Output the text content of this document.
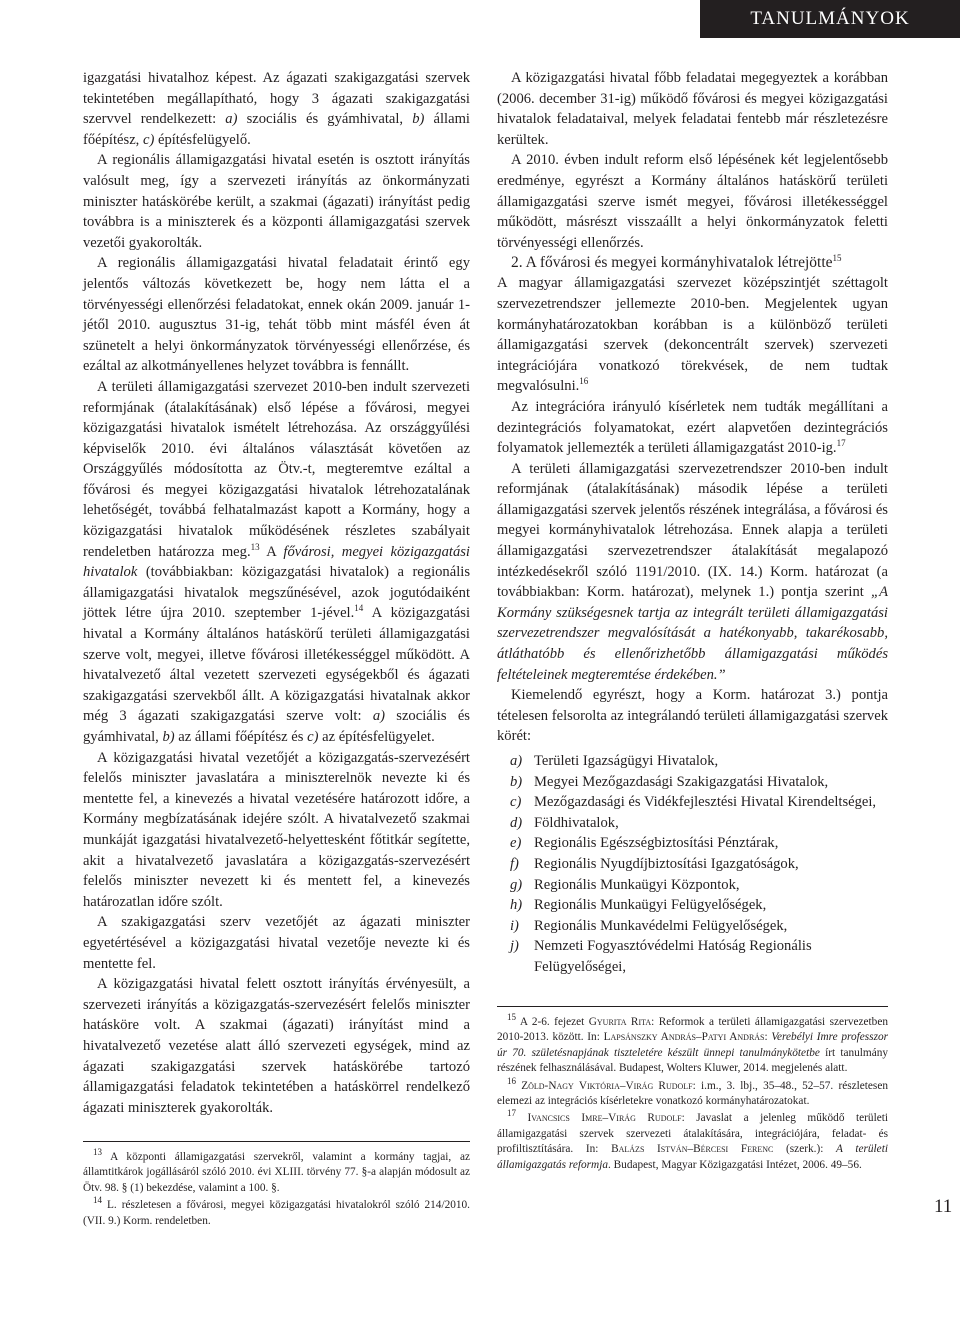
TANULMÁNYOK

igazgatási hivatalhoz képest. Az ágazati szakigazgatási szervek tekintetében megállapítható, hogy 3 ágazati szakigazgatási szervvel rendelkezett: a) szociális és gyámhivatal, b) állami főépítész, c) építésfelügyelő.

A regionális államigazgatási hivatal esetén is osztott irányítás valósult meg, így a szervezeti irányítás az önkormányzati miniszter hatáskörébe került, a szakmai (ágazati) irányítást pedig továbbra is a miniszterek és a központi államigazgatási szervek vezetői gyakorolták.

A regionális államigazgatási hivatal feladatait érintő egy jelentős változás következett be, hogy nem látta el a törvényességi ellenőrzési feladatokat, ennek okán 2009. január 1-jétől 2010. augusztus 31-ig, tehát több mint másfél éven át szünetelt a helyi önkormányzatok törvényességi ellenőrzése, és ezáltal az alkotmányellenes helyzet továbbra is fennállt.

A területi államigazgatási szervezet 2010-ben indult szervezeti reformjának (átalakításának) első lépése a fővárosi, megyei közigazgatási hivatalok ismételt létrehozása. Az országgyűlési képviselők 2010. évi általános választását követően az Országgyűlés módosította az Ötv.-t, megteremtve ezáltal a fővárosi és megyei közigazgatási hivatalok létrehozatalának lehetőségét, továbbá felhatalmazást kapott a Kormány, hogy a közigazgatási hivatalok működésének részletes szabályait rendeletben határozza meg.$^{13}$ A fővárosi, megyei közigazgatási hivatalok (továbbiakban: közigazgatási hivatalok) a regionális államigazgatási hivatalok megszűnésével, azok jogutódaiként jöttek létre újra 2010. szeptember 1-jével.$^{14}$ A közigazgatási hivatal a Kormány általános hatáskörű területi államigazgatási szerve volt, megyei, illetve fővárosi illetékességgel működött. A hivatalvezető által vezetett szervezeti egységekből és ágazati szakigazgatási szervekből állt. A közigazgatási hivatalnak akkor még 3 ágazati szakigazgatási szerve volt: a) szociális és gyámhivatal, b) az állami főépítész és c) az építésfelügyelet.

A közigazgatási hivatal vezetőjét a közigazgatás-szervezésért felelős miniszter javaslatára a miniszterelnök nevezte ki és mentette fel, a kinevezés a hivatal vezetésére határozott időre, a Kormány megbízatásának idejére szólt. A hivatalvezető szakmai munkáját igazgatási hivatalvezető-helyettesként főtitkár segítette, akit a hivatalvezető javaslatára a közigazgatás-szervezésért felelős miniszter nevezett ki és mentett fel, a kinevezés határozatlan időre szólt.

A szakigazgatási szerv vezetőjét az ágazati miniszter egyetértésével a közigazgatási hivatal vezetője nevezte ki és mentette fel.

A közigazgatási hivatal felett osztott irányítás érvényesült, a szervezeti irányítás a közigazgatás-szervezésért felelős miniszter hatásköre volt. A szakmai (ágazati) irányítást mind a hivatalvezető vezetése alatt álló szervezeti egységek, mind az ágazati szakigazgatási szervek hatáskörébe tartozó államigazgatási feladatok tekintetében a hatáskörrel rendelkező ágazati miniszterek gyakorolták.

$^{13}$ A központi államigazgatási szervekről, valamint a kormány tagjai, az államtitkárok jogállásáról szóló 2010. évi XLIII. törvény 77. §-a alapján módosult az Ötv. 98. § (1) bekezdése, valamint a 100. §.

$^{14}$ L. részletesen a fővárosi, megyei közigazgatási hivatalokról szóló 214/2010. (VII. 9.) Korm. rendeletben.

A közigazgatási hivatal főbb feladatai megegyeztek a korábban (2006. december 31-ig) működő fővárosi és megyei közigazgatási hivatalok feladataival, melyek feladatai fentebb már részletezésre kerültek.

A 2010. évben indult reform első lépésének két legjelentősebb eredménye, egyrészt a Kormány általános hatáskörű területi államigazgatási szerve ismét megyei, fővárosi illetékességgel működött, másrészt visszaállt a helyi önkormányzatok feletti törvényességi ellenőrzés.

2. A fővárosi és megyei kormányhivatalok létrejötte$^{15}$

A magyar államigazgatási szervezet középszintjét széttagolt szervezetrendszer jellemezte 2010-ben. Megjelentek ugyan kormányhatározatokban korábban is a különböző területi államigazgatási szervek (dekoncentrált szervek) szervezeti integrációjára vonatkozó törekvések, de nem tudtak megvalósulni.$^{16}$

Az integrációra irányuló kísérletek nem tudták megállítani a dezintegrációs folyamatokat, ezért alapvetően dezintegrációs folyamatok jellemezték a területi államigazgatást 2010-ig.$^{17}$

A területi államigazgatási szervezetrendszer 2010-ben indult reformjának (átalakításának) második lépése a területi államigazgatási szervek jelentős részének integrálása, a fővárosi és megyei kormányhivatalok létrehozása. Ennek alapja a területi államigazgatási szervezetrendszer átalakítását megalapozó intézkedésekről szóló 1191/2010. (IX. 14.) Korm. határozat (a továbbiakban: Korm. határozat), melynek 1.) pontja szerint „A Kormány szükségesnek tartja az integrált területi államigazgatási szervezetrendszer megvalósítását a hatékonyabb, takarékosabb, átláthatóbb és ellenőrizhetőbb államigazgatási működés feltételeinek megteremtése érdekében.”

Kiemelendő egyrészt, hogy a Korm. határozat 3.) pontja tételesen felsorolta az integrálandó területi államigazgatási szervek körét:

a) Területi Igazságügyi Hivatalok,
b) Megyei Mezőgazdasági Szakigazgatási Hivatalok,
c) Mezőgazdasági és Vidékfejlesztési Hivatal Kirendeltségei,
d) Földhivatalok,
e) Regionális Egészségbiztosítási Pénztárak,
f) Regionális Nyugdíjbiztosítási Igazgatóságok,
g) Regionális Munkaügyi Központok,
h) Regionális Munkaügyi Felügyelőségek,
i) Regionális Munkavédelmi Felügyelőségek,
j) Nemzeti Fogyasztóvédelmi Hatóság Regionális Felügyelőségei,

$^{15}$ A 2-6. fejezet Gyurita Rita: Reformok a területi államigazgatási szervezetben 2010-2013. között. In: Lapsánszky András–Patyi András: Verebélyi Imre professzor úr 70. születésnapjának tiszteletére készült ünnepi tanulmánykötetbe írt tanulmány részének felhasználásával. Budapest, Wolters Kluwer, 2014. megjelenés alatt.

$^{16}$ Zöld-Nagy Viktória–Virág Rudolf: i.m., 3. lbj., 35–48., 52–57. részletesen elemezi az integrációs kísérletekre vonatkozó kormányhatározatokat.

$^{17}$ Ivancsics Imre–Virág Rudolf: Javaslat a jelenleg működő területi államigazgatási szervek szervezeti átalakítására, integrációjára, feladat- és profiltisztítására. In: Balázs István–Bércesi Ferenc (szerk.): A területi államigazgatás reformja. Budapest, Magyar Közigazgatási Intézet, 2006. 49–56.

11
